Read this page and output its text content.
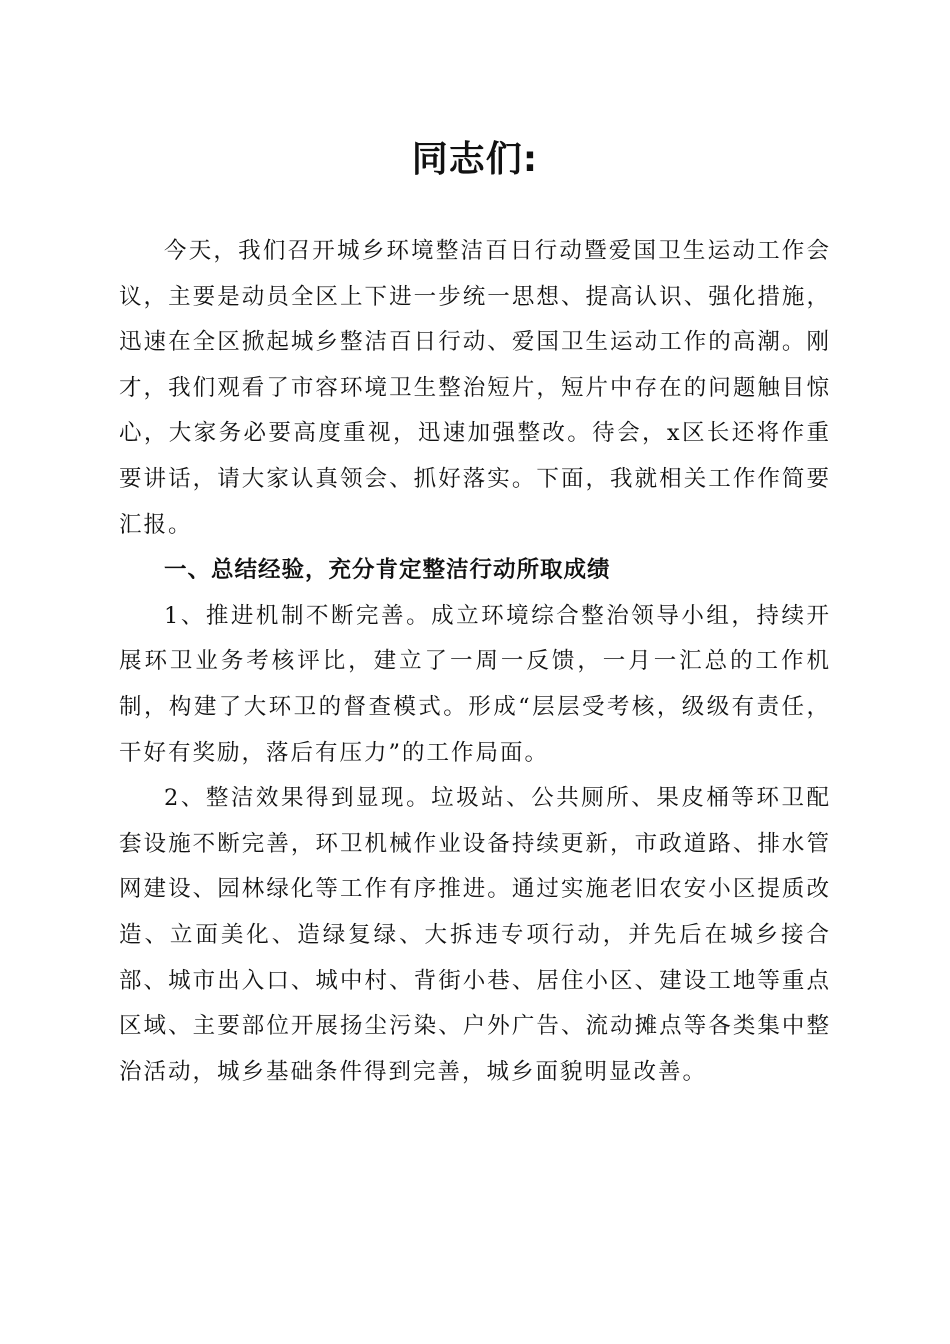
同志们:

今天，我们召开城乡环境整洁百日行动暨爱国卫生运动工作会议，主要是动员全区上下进一步统一思想、提高认识、强化措施，迅速在全区掀起城乡整洁百日行动、爱国卫生运动工作的高潮。刚才，我们观看了市容环境卫生整治短片，短片中存在的问题触目惊心，大家务必要高度重视，迅速加强整改。待会，x区长还将作重要讲话，请大家认真领会、抓好落实。下面，我就相关工作作简要汇报。

一、总结经验，充分肯定整洁行动所取成绩

1、推进机制不断完善。成立环境综合整治领导小组，持续开展环卫业务考核评比，建立了一周一反馈，一月一汇总的工作机制，构建了大环卫的督查模式。形成“层层受考核，级级有责任，干好有奖励，落后有压力”的工作局面。

2、整洁效果得到显现。垃圾站、公共厕所、果皮桶等环卫配套设施不断完善，环卫机械作业设备持续更新，市政道路、排水管网建设、园林绿化等工作有序推进。通过实施老旧农安小区提质改造、立面美化、造绿复绿、大拆违专项行动，并先后在城乡接合部、城市出入口、城中村、背街小巷、居住小区、建设工地等重点区域、主要部位开展扬尘污染、户外广告、流动摊点等各类集中整治活动，城乡基础条件得到完善，城乡面貌明显改善。
